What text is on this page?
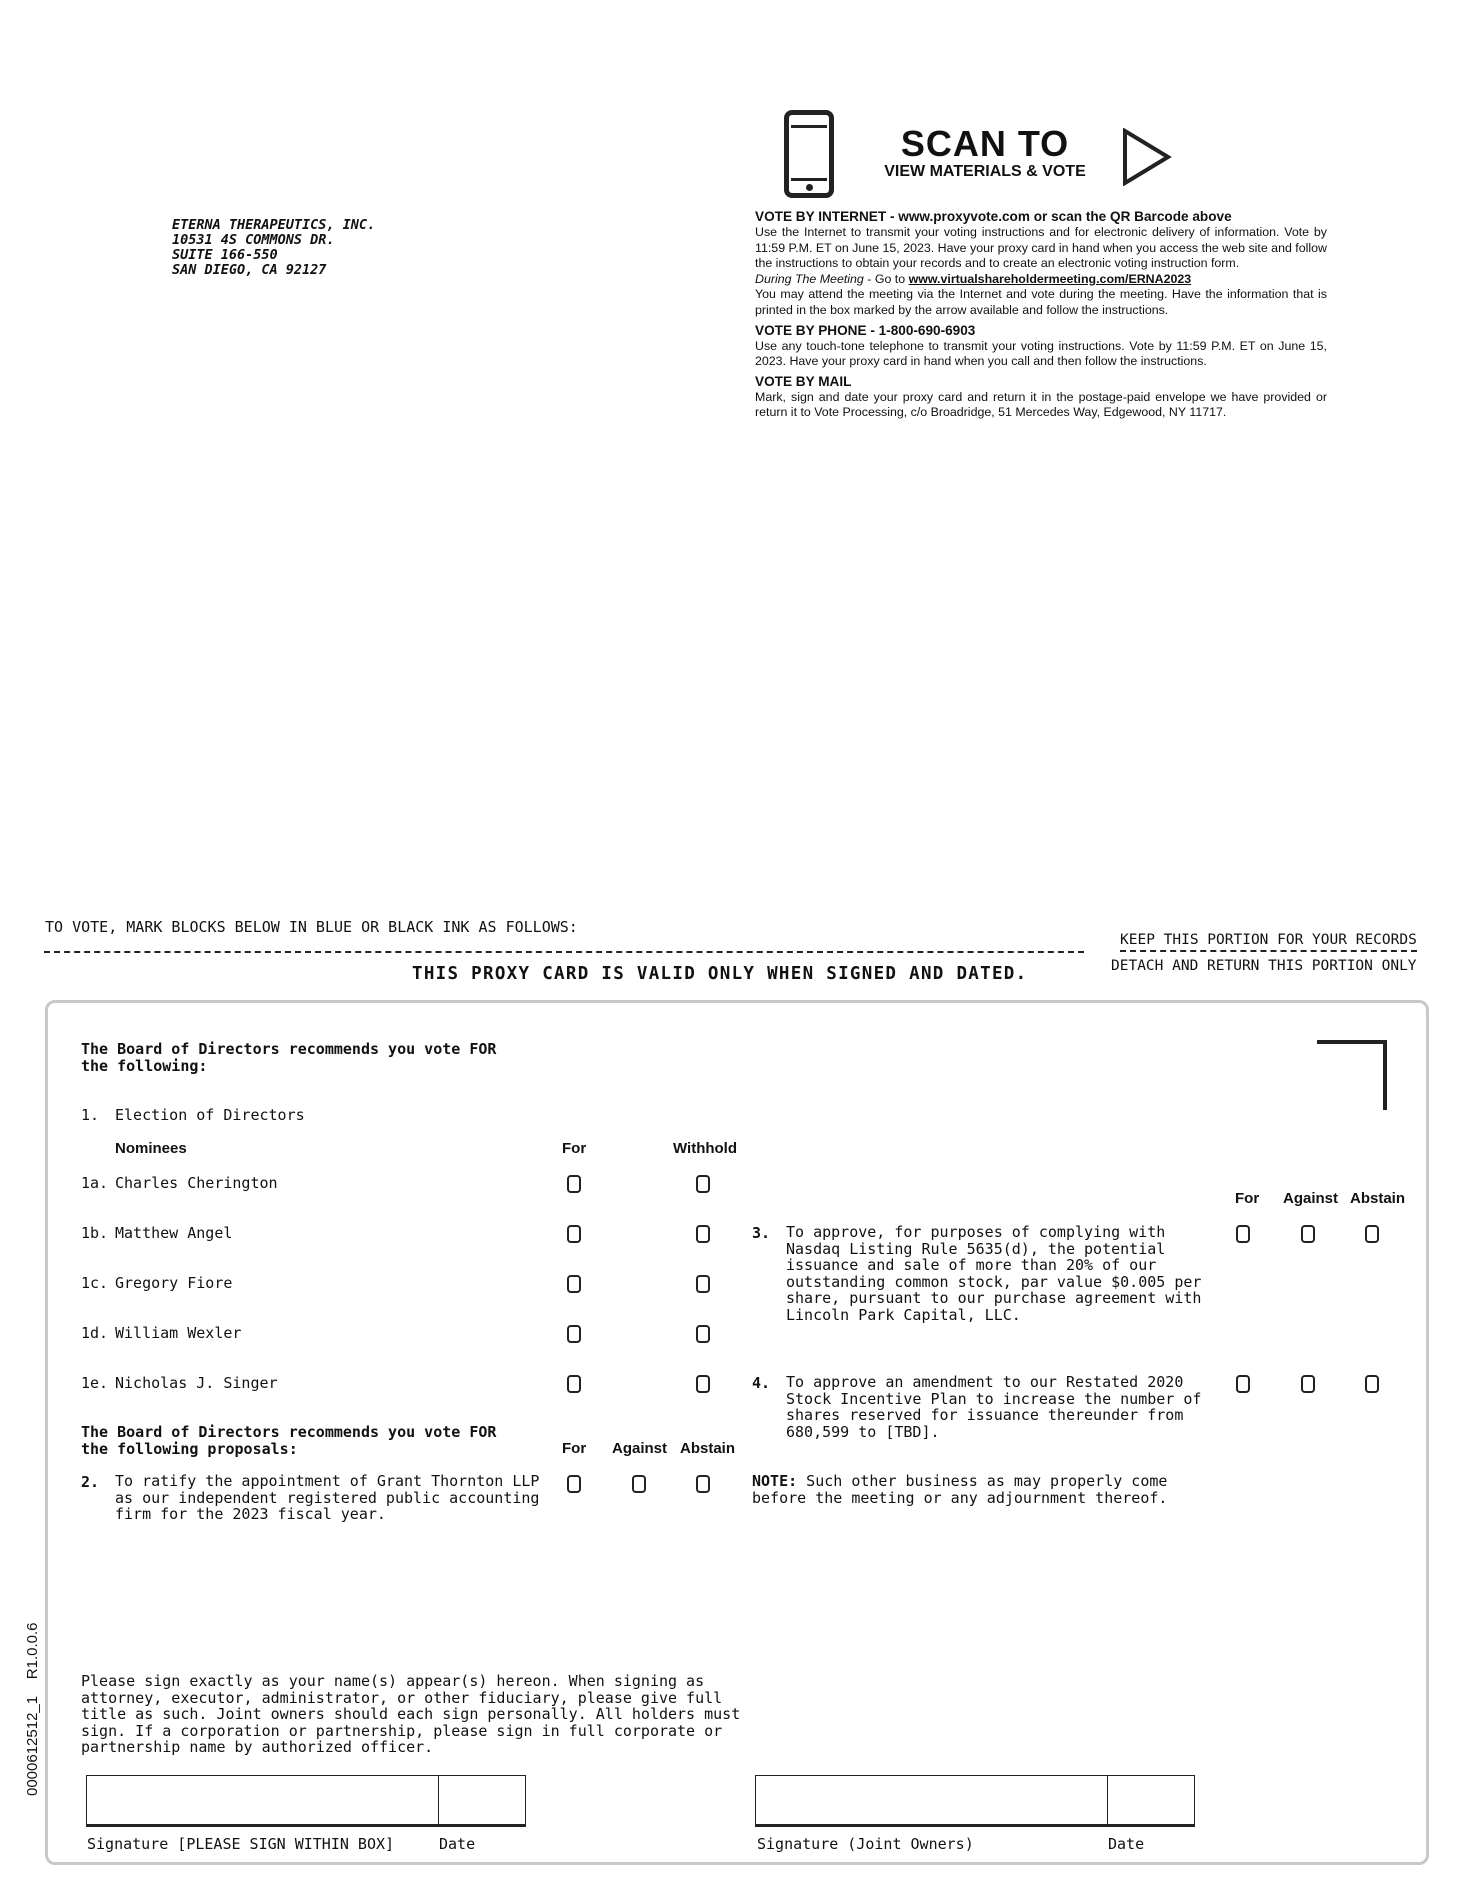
ETERNA THERAPEUTICS, INC.
10531 4S COMMONS DR.
SUITE 166-550
SAN DIEGO, CA 92127
SCAN TO
VIEW MATERIALS & VOTE
VOTE BY INTERNET - www.proxyvote.com or scan the QR Barcode above
Use the Internet to transmit your voting instructions and for electronic delivery of information. Vote by 11:59 P.M. ET on June 15, 2023. Have your proxy card in hand when you access the web site and follow the instructions to obtain your records and to create an electronic voting instruction form.
During The Meeting - Go to www.virtualshareholdermeeting.com/ERNA2023
You may attend the meeting via the Internet and vote during the meeting. Have the information that is printed in the box marked by the arrow available and follow the instructions.
VOTE BY PHONE - 1-800-690-6903
Use any touch-tone telephone to transmit your voting instructions. Vote by 11:59 P.M. ET on June 15, 2023. Have your proxy card in hand when you call and then follow the instructions.
VOTE BY MAIL
Mark, sign and date your proxy card and return it in the postage-paid envelope we have provided or return it to Vote Processing, c/o Broadridge, 51 Mercedes Way, Edgewood, NY 11717.
TO VOTE, MARK BLOCKS BELOW IN BLUE OR BLACK INK AS FOLLOWS:
KEEP THIS PORTION FOR YOUR RECORDS
DETACH AND RETURN THIS PORTION ONLY
THIS PROXY CARD IS VALID ONLY WHEN SIGNED AND DATED.
The Board of Directors recommends you vote FOR
the following:
1. Election of Directors
Nominees	For	Withhold
1a. Charles Cherington
1b. Matthew Angel
1c. Gregory Fiore
1d. William Wexler
1e. Nicholas J. Singer
The Board of Directors recommends you vote FOR
the following proposals:	For Against Abstain
2. To ratify the appointment of Grant Thornton LLP
as our independent registered public accounting
firm for the 2023 fiscal year.
For Against Abstain
3. To approve, for purposes of complying with
Nasdaq Listing Rule 5635(d), the potential
issuance and sale of more than 20% of our
outstanding common stock, par value $0.005 per
share, pursuant to our purchase agreement with
Lincoln Park Capital, LLC.
4. To approve an amendment to our Restated 2020
Stock Incentive Plan to increase the number of
shares reserved for issuance thereunder from
680,599 to [TBD].
NOTE: Such other business as may properly come
before the meeting or any adjournment thereof.
Please sign exactly as your name(s) appear(s) hereon. When signing as
attorney, executor, administrator, or other fiduciary, please give full
title as such. Joint owners should each sign personally. All holders must
sign. If a corporation or partnership, please sign in full corporate or
partnership name by authorized officer.
Signature [PLEASE SIGN WITHIN BOX]	Date	Signature (Joint Owners)	Date
0000612512_1    R1.0.0.6
